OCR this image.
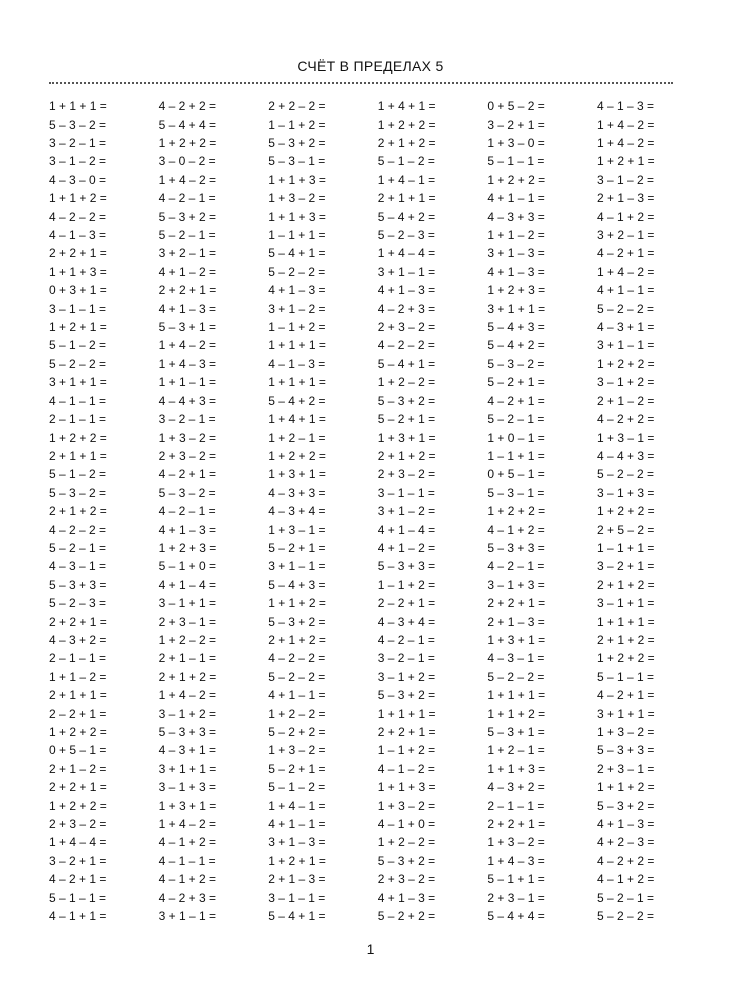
СЧЁТ В ПРЕДЕЛАХ 5
1 + 1 + 1 =	4 – 2 + 2 =	2 + 2 – 2 =	1 + 4 + 1 =	0 + 5 – 2 =	4 – 1 – 3 =
5 – 3 – 2 =	5 – 4 + 4 =	1 – 1 + 2 =	1 + 2 + 2 =	3 – 2 + 1 =	1 + 4 – 2 =
3 – 2 – 1 =	1 + 2 + 2 =	5 – 3 + 2 =	2 + 1 + 2 =	1 + 3 – 0 =	1 + 4 – 2 =
3 – 1 – 2 =	3 – 0 – 2 =	5 – 3 – 1 =	5 – 1 – 2 =	5 – 1 – 1 =	1 + 2 + 1 =
4 – 3 – 0 =	1 + 4 – 2 =	1 + 1 + 3 =	1 + 4 – 1 =	1 + 2 + 2 =	3 – 1 – 2 =
1 + 1 + 2 =	4 – 2 – 1 =	1 + 3 – 2 =	2 + 1 + 1 =	4 + 1 – 1 =	2 + 1 – 3 =
4 – 2 – 2 =	5 – 3 + 2 =	1 + 1 + 3 =	5 – 4 + 2 =	4 – 3 + 3 =	4 – 1 + 2 =
4 – 1 – 3 =	5 – 2 – 1 =	1 – 1 + 1 =	5 – 2 – 3 =	1 + 1 – 2 =	3 + 2 – 1 =
2 + 2 + 1 =	3 + 2 – 1 =	5 – 4 + 1 =	1 + 4 – 4 =	3 + 1 – 3 =	4 – 2 + 1 =
1 + 1 + 3 =	4 + 1 – 2 =	5 – 2 – 2 =	3 + 1 – 1 =	4 + 1 – 3 =	1 + 4 – 2 =
0 + 3 + 1 =	2 + 2 + 1 =	4 + 1 – 3 =	4 + 1 – 3 =	1 + 2 + 3 =	4 + 1 – 1 =
3 – 1 – 1 =	4 + 1 – 3 =	3 + 1 – 2 =	4 – 2 + 3 =	3 + 1 + 1 =	5 – 2 – 2 =
1 + 2 + 1 =	5 – 3 + 1 =	1 – 1 + 2 =	2 + 3 – 2 =	5 – 4 + 3 =	4 – 3 + 1 =
5 – 1 – 2 =	1 + 4 – 2 =	1 + 1 + 1 =	4 – 2 – 2 =	5 – 4 + 2 =	3 + 1 – 1 =
5 – 2 – 2 =	1 + 4 – 3 =	4 – 1 – 3 =	5 – 4 + 1 =	5 – 3 – 2 =	1 + 2 + 2 =
3 + 1 + 1 =	1 + 1 – 1 =	1 + 1 + 1 =	1 + 2 – 2 =	5 – 2 + 1 =	3 – 1 + 2 =
4 – 1 – 1 =	4 – 4 + 3 =	5 – 4 + 2 =	5 – 3 + 2 =	4 – 2 + 1 =	2 + 1 – 2 =
2 – 1 – 1 =	3 – 2 – 1 =	1 + 4 + 1 =	5 – 2 + 1 =	5 – 2 – 1 =	4 – 2 + 2 =
1 + 2 + 2 =	1 + 3 – 2 =	1 + 2 – 1 =	1 + 3 + 1 =	1 + 0 – 1 =	1 + 3 – 1 =
2 + 1 + 1 =	2 + 3 – 2 =	1 + 2 + 2 =	2 + 1 + 2 =	1 – 1 + 1 =	4 – 4 + 3 =
5 – 1 – 2 =	4 – 2 + 1 =	1 + 3 + 1 =	2 + 3 – 2 =	0 + 5 – 1 =	5 – 2 – 2 =
5 – 3 – 2 =	5 – 3 – 2 =	4 – 3 + 3 =	3 – 1 – 1 =	5 – 3 – 1 =	3 – 1 + 3 =
2 + 1 + 2 =	4 – 2 – 1 =	4 – 3 + 4 =	3 + 1 – 2 =	1 + 2 + 2 =	1 + 2 + 2 =
4 – 2 – 2 =	4 + 1 – 3 =	1 + 3 – 1 =	4 + 1 – 4 =	4 – 1 + 2 =	2 + 5 – 2 =
5 – 2 – 1 =	1 + 2 + 3 =	5 – 2 + 1 =	4 + 1 – 2 =	5 – 3 + 3 =	1 – 1 + 1 =
4 – 3 – 1 =	5 – 1 + 0 =	3 + 1 – 1 =	5 – 3 + 3 =	4 – 2 – 1 =	3 – 2 + 1 =
5 – 3 + 3 =	4 + 1 – 4 =	5 – 4 + 3 =	1 – 1 + 2 =	3 – 1 + 3 =	2 + 1 + 2 =
5 – 2 – 3 =	3 – 1 + 1 =	1 + 1 + 2 =	2 – 2 + 1 =	2 + 2 + 1 =	3 – 1 + 1 =
2 + 2 + 1 =	2 + 3 – 1 =	5 – 3 + 2 =	4 – 3 + 4 =	2 + 1 – 3 =	1 + 1 + 1 =
4 – 3 + 2 =	1 + 2 – 2 =	2 + 1 + 2 =	4 – 2 – 1 =	1 + 3 + 1 =	2 + 1 + 2 =
2 – 1 – 1 =	2 + 1 – 1 =	4 – 2 – 2 =	3 – 2 – 1 =	4 – 3 – 1 =	1 + 2 + 2 =
1 + 1 – 2 =	2 + 1 + 2 =	5 – 2 – 2 =	3 – 1 + 2 =	5 – 2 – 2 =	5 – 1 – 1 =
2 + 1 + 1 =	1 + 4 – 2 =	4 + 1 – 1 =	5 – 3 + 2 =	1 + 1 + 1 =	4 – 2 + 1 =
2 – 2 + 1 =	3 – 1 + 2 =	1 + 2 – 2 =	1 + 1 + 1 =	1 + 1 + 2 =	3 + 1 + 1 =
1 + 2 + 2 =	5 – 3 + 3 =	5 – 2 + 2 =	2 + 2 + 1 =	5 – 3 + 1 =	1 + 3 – 2 =
0 + 5 – 1 =	4 – 3 + 1 =	1 + 3 – 2 =	1 – 1 + 2 =	1 + 2 – 1 =	5 – 3 + 3 =
2 + 1 – 2 =	3 + 1 + 1 =	5 – 2 + 1 =	4 – 1 – 2 =	1 + 1 + 3 =	2 + 3 – 1 =
2 + 2 + 1 =	3 – 1 + 3 =	5 – 1 – 2 =	1 + 1 + 3 =	4 – 3 + 2 =	1 + 1 + 2 =
1 + 2 + 2 =	1 + 3 + 1 =	1 + 4 – 1 =	1 + 3 – 2 =	2 – 1 – 1 =	5 – 3 + 2 =
2 + 3 – 2 =	1 + 4 – 2 =	4 + 1 – 1 =	4 – 1 + 0 =	2 + 2 + 1 =	4 + 1 – 3 =
1 + 4 – 4 =	4 – 1 + 2 =	3 + 1 – 3 =	1 + 2 – 2 =	1 + 3 – 2 =	4 + 2 – 3 =
3 – 2 + 1 =	4 – 1 – 1 =	1 + 2 + 1 =	5 – 3 + 2 =	1 + 4 – 3 =	4 – 2 + 2 =
4 – 2 + 1 =	4 – 1 + 2 =	2 + 1 – 3 =	2 + 3 – 2 =	5 – 1 + 1 =	4 – 1 + 2 =
5 – 1 – 1 =	4 – 2 + 3 =	3 – 1 – 1 =	4 + 1 – 3 =	2 + 3 – 1 =	5 – 2 – 1 =
4 – 1 + 1 =	3 + 1 – 1 =	5 – 4 + 1 =	5 – 2 + 2 =	5 – 4 + 4 =	5 – 2 – 2 =
1
